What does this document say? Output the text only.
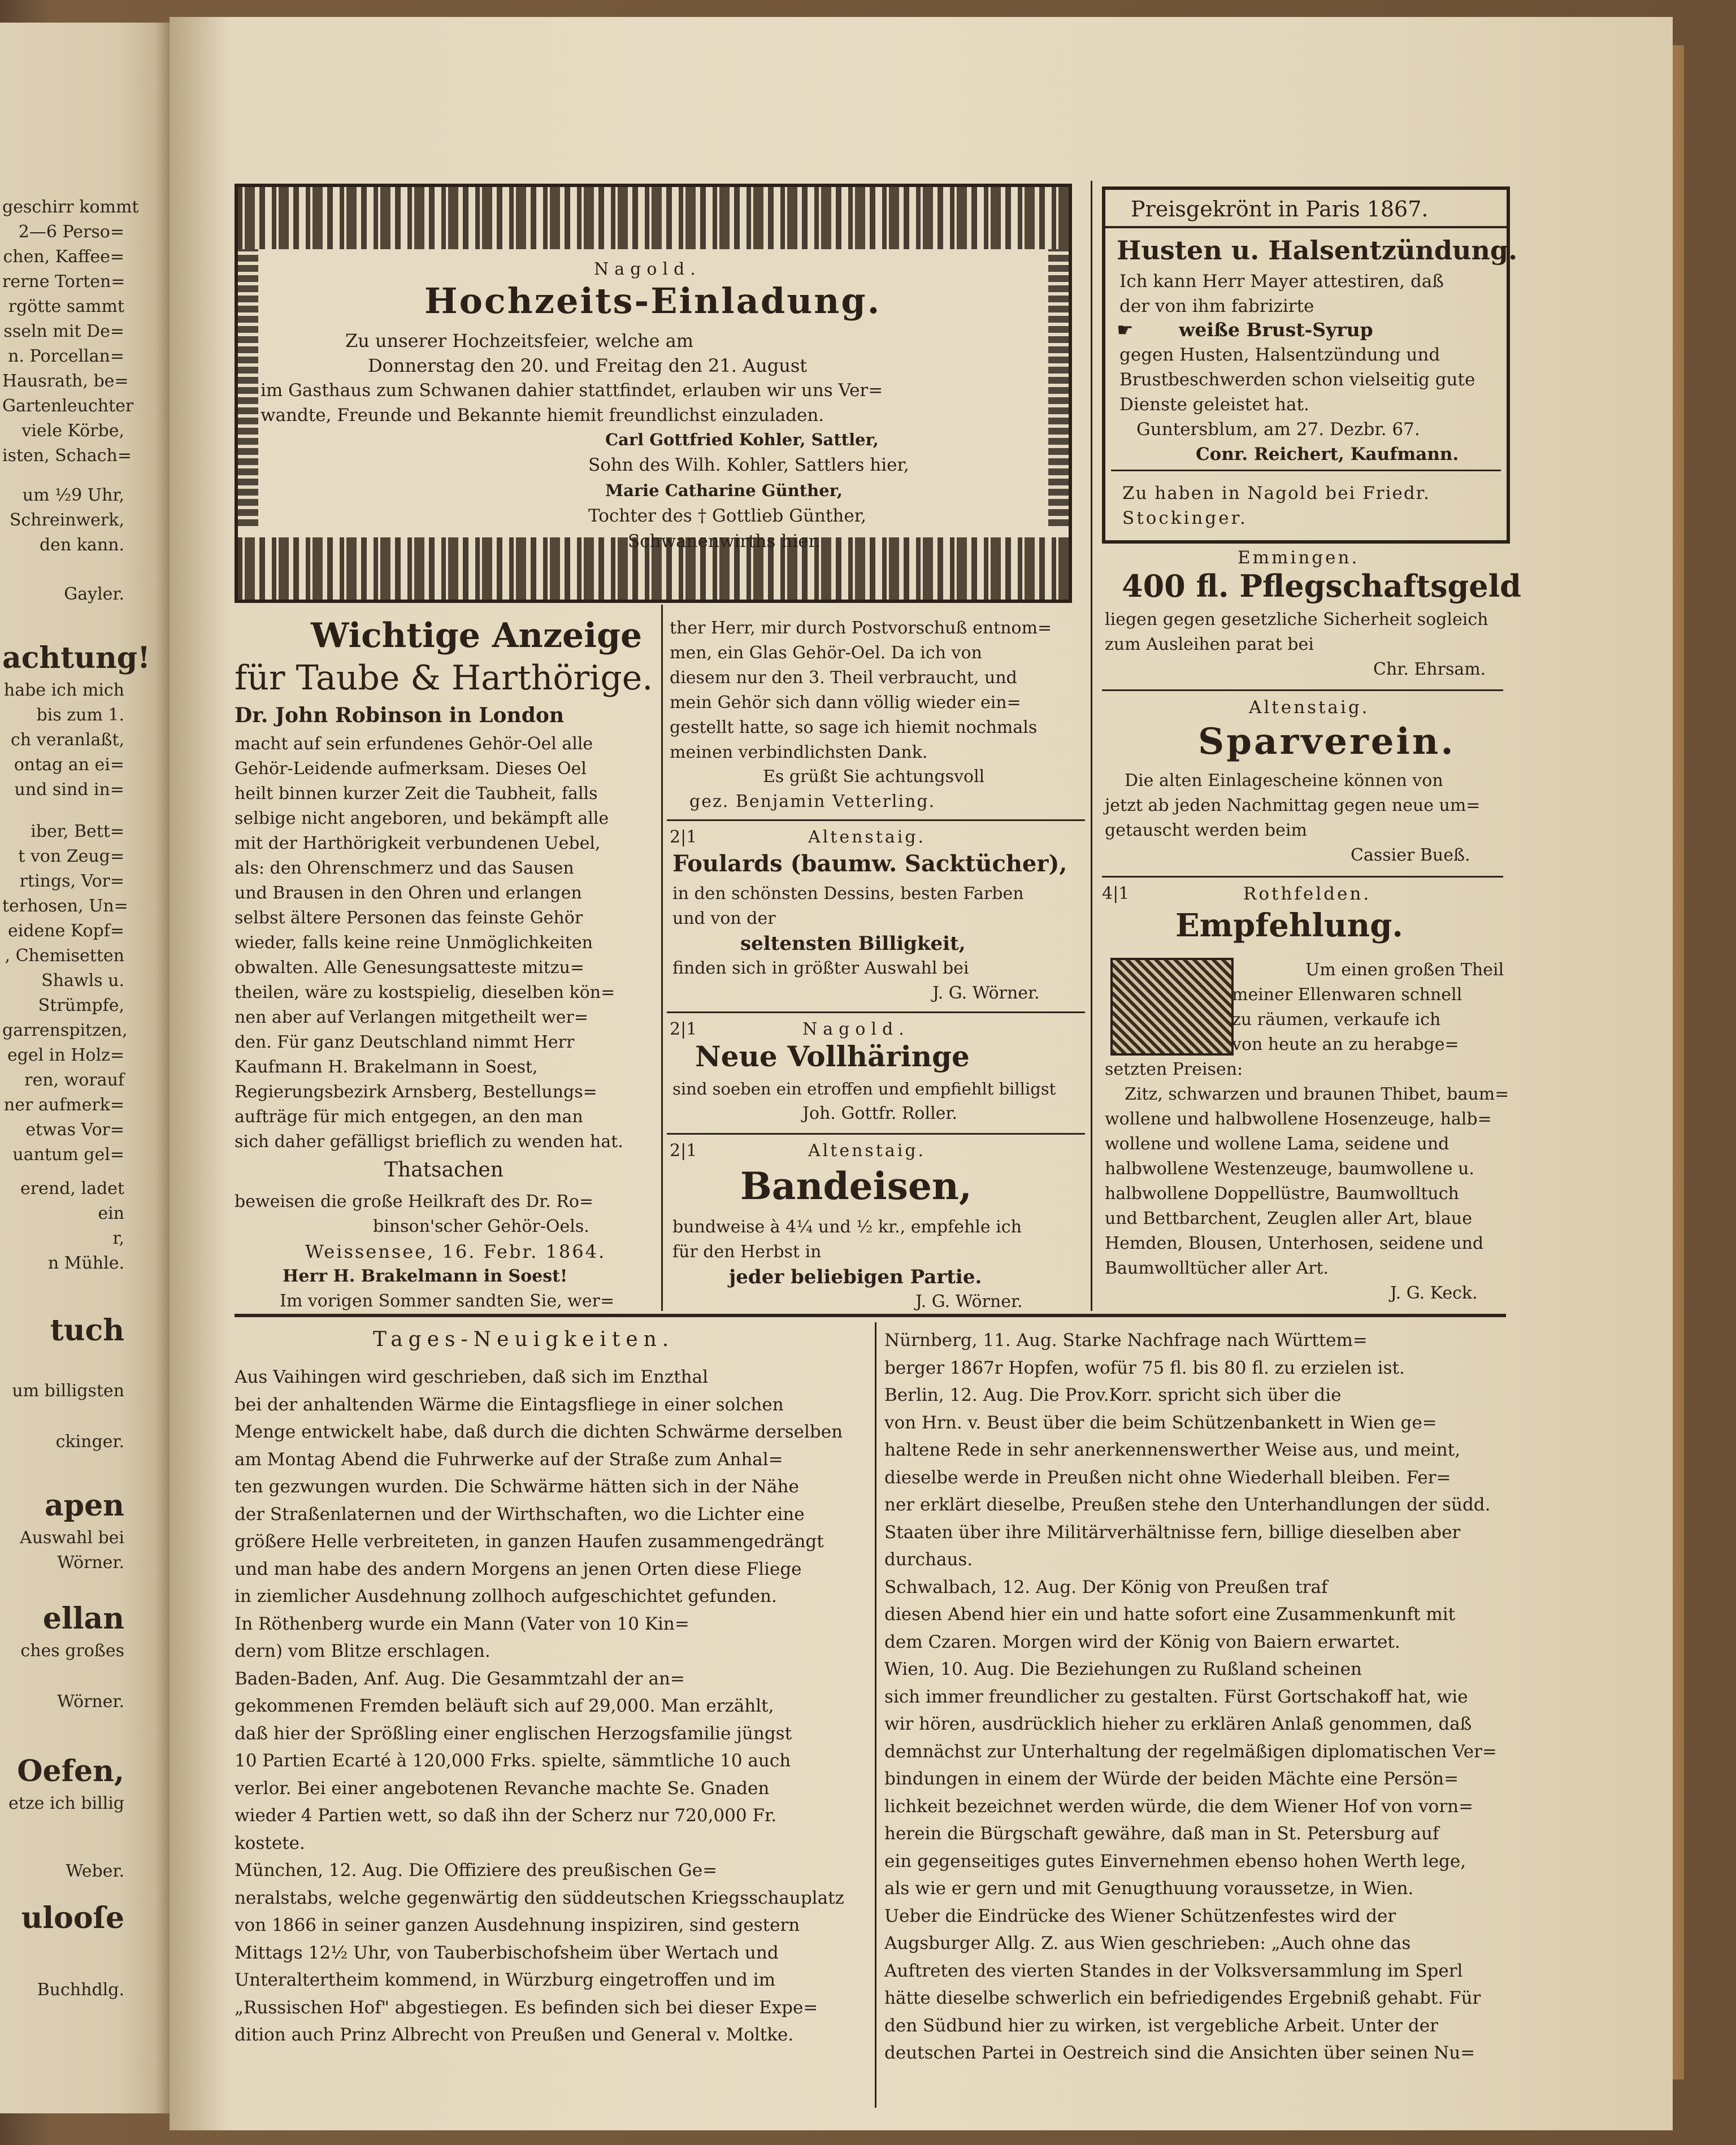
geschirr kommt
2—6 Perso=
chen, Kaffee=
rerne Torten=
rgötte sammt
sseln mit De=
n. Porcellan=
Hausrath, be=
Gartenleuchter
viele Körbe,
isten, Schach=
um ½9 Uhr,
Schreinwerk,
den kann.
Gayler.
achtung!
habe ich mich
bis zum 1.
ch veranlaßt,
ontag an ei=
und sind in=
iber, Bett=
t von Zeug=
rtings, Vor=
terhosen, Un=
eidene Kopf=
, Chemisetten
Shawls u.
Strümpfe,
garrenspitzen,
egel in Holz=
ren, worauf
ner aufmerk=
etwas Vor=
uantum gel=
erend, ladet
ein
r,
n Mühle.
tuch
um billigsten
ckinger.
apen
Auswahl bei
Wörner.
ellan
ches großes
Wörner.
Oefen,
etze ich billig
Weber.
ulooſe
Buchhdlg.
Nagold.
Hochzeits-Einladung.
Zu unserer Hochzeitsfeier, welche am
Donnerstag den 20. und Freitag den 21. August
im Gasthaus zum Schwanen dahier stattfindet, erlauben wir uns Ver=
wandte, Freunde und Bekannte hiemit freundlichst einzuladen.
Carl Gottfried Kohler, Sattler,
Sohn des Wilh. Kohler, Sattlers hier,
Marie Catharine Günther,
Tochter des † Gottlieb Günther,
Schwanenwirths hier.
Preisgekrönt in Paris 1867.
Husten u. Halsentzündung.
Ich kann Herr Mayer attestiren, daß
der von ihm fabrizirte
weiße Brust-Syrup
☛
gegen Husten, Halsentzündung und
Brustbeschwerden schon vielseitig gute
Dienste geleistet hat.
Guntersblum, am 27. Dezbr. 67.
Conr. Reichert, Kaufmann.
Zu haben in Nagold bei Friedr.
Stockinger.
Emmingen.
400 fl. Pflegschaftsgeld
liegen gegen gesetzliche Sicherheit sogleich
zum Ausleihen parat bei
Chr. Ehrsam.
Altenstaig.
Sparverein.
Die alten Einlagescheine können von
jetzt ab jeden Nachmittag gegen neue um=
getauscht werden beim
Cassier Bueß.
4|1	Rothfelden.
Empfehlung.
Um einen großen Theil
meiner Ellenwaren schnell
zu räumen, verkaufe ich
von heute an zu herabge=
setzten Preisen:
Zitz, schwarzen und braunen Thibet, baum=
wollene und halbwollene Hosenzeuge, halb=
wollene und wollene Lama, seidene und
halbwollene Westenzeuge, baumwollene u.
halbwollene Doppellüstre, Baumwolltuch
und Bettbarchent, Zeuglen aller Art, blaue
Hemden, Blousen, Unterhosen, seidene und
Baumwolltücher aller Art.
J. G. Keck.
Wichtige Anzeige
für Taube & Harthörige.
Dr. John Robinson in London
macht auf sein erfundenes Gehör-Oel alle
Gehör-Leidende aufmerksam. Dieses Oel
heilt binnen kurzer Zeit die Taubheit, falls
selbige nicht angeboren, und bekämpft alle
mit der Harthörigkeit verbundenen Uebel,
als: den Ohrenschmerz und das Sausen
und Brausen in den Ohren und erlangen
selbst ältere Personen das feinste Gehör
wieder, falls keine reine Unmöglichkeiten
obwalten. Alle Genesungsatteste mitzu=
theilen, wäre zu kostspielig, dieselben kön=
nen aber auf Verlangen mitgetheilt wer=
den. Für ganz Deutschland nimmt Herr
Kaufmann H. Brakelmann in Soest,
Regierungsbezirk Arnsberg, Bestellungs=
aufträge für mich entgegen, an den man
sich daher gefälligst brieflich zu wenden hat.
Thatsachen
beweisen die große Heilkraft des Dr. Ro=
binson'scher Gehör-Oels.
Weissensee, 16. Febr. 1864.
Herr H. Brakelmann in Soest!
Im vorigen Sommer sandten Sie, wer=
ther Herr, mir durch Postvorschuß entnom=
men, ein Glas Gehör-Oel. Da ich von
diesem nur den 3. Theil verbraucht, und
mein Gehör sich dann völlig wieder ein=
gestellt hatte, so sage ich hiemit nochmals
meinen verbindlichsten Dank.
Es grüßt Sie achtungsvoll
gez. Benjamin Vetterling.
2|1	Altenstaig.
Foulards (baumw. Sacktücher),
in den schönsten Dessins, besten Farben
und von der
seltensten Billigkeit,
finden sich in größter Auswahl bei
J. G. Wörner.
2|1	Nagold.
Neue Vollhäringe
sind soeben ein etroffen und empfiehlt billigst
Joh. Gottfr. Roller.
2|1	Altenstaig.
Bandeisen,
bundweise à 4¼ und ½ kr., empfehle ich
für den Herbst in
jeder beliebigen Partie.
J. G. Wörner.
Tages-Neuigkeiten.
Aus Vaihingen wird geschrieben, daß sich im Enzthal
bei der anhaltenden Wärme die Eintagsfliege in einer solchen
Menge entwickelt habe, daß durch die dichten Schwärme derselben
am Montag Abend die Fuhrwerke auf der Straße zum Anhal=
ten gezwungen wurden. Die Schwärme hätten sich in der Nähe
der Straßenlaternen und der Wirthschaften, wo die Lichter eine
größere Helle verbreiteten, in ganzen Haufen zusammengedrängt
und man habe des andern Morgens an jenen Orten diese Fliege
in ziemlicher Ausdehnung zollhoch aufgeschichtet gefunden.
In Röthenberg wurde ein Mann (Vater von 10 Kin=
dern) vom Blitze erschlagen.
Baden-Baden, Anf. Aug. Die Gesammtzahl der an=
gekommenen Fremden beläuft sich auf 29,000. Man erzählt,
daß hier der Sprößling einer englischen Herzogsfamilie jüngst
10 Partien Ecarté à 120,000 Frks. spielte, sämmtliche 10 auch
verlor. Bei einer angebotenen Revanche machte Se. Gnaden
wieder 4 Partien wett, so daß ihn der Scherz nur 720,000 Fr.
kostete.
München, 12. Aug. Die Offiziere des preußischen Ge=
neralstabs, welche gegenwärtig den süddeutschen Kriegsschauplatz
von 1866 in seiner ganzen Ausdehnung inspiziren, sind gestern
Mittags 12½ Uhr, von Tauberbischofsheim über Wertach und
Unteraltertheim kommend, in Würzburg eingetroffen und im
„Russischen Hof" abgestiegen. Es befinden sich bei dieser Expe=
dition auch Prinz Albrecht von Preußen und General v. Moltke.
Nürnberg, 11. Aug. Starke Nachfrage nach Württem=
berger 1867r Hopfen, wofür 75 fl. bis 80 fl. zu erzielen ist.
Berlin, 12. Aug. Die Prov.Korr. spricht sich über die
von Hrn. v. Beust über die beim Schützenbankett in Wien ge=
haltene Rede in sehr anerkennenswerther Weise aus, und meint,
dieselbe werde in Preußen nicht ohne Wiederhall bleiben. Fer=
ner erklärt dieselbe, Preußen stehe den Unterhandlungen der südd.
Staaten über ihre Militärverhältnisse fern, billige dieselben aber
durchaus.
Schwalbach, 12. Aug. Der König von Preußen traf
diesen Abend hier ein und hatte sofort eine Zusammenkunft mit
dem Czaren. Morgen wird der König von Baiern erwartet.
Wien, 10. Aug. Die Beziehungen zu Rußland scheinen
sich immer freundlicher zu gestalten. Fürst Gortschakoff hat, wie
wir hören, ausdrücklich hieher zu erklären Anlaß genommen, daß
demnächst zur Unterhaltung der regelmäßigen diplomatischen Ver=
bindungen in einem der Würde der beiden Mächte eine Persön=
lichkeit bezeichnet werden würde, die dem Wiener Hof von vorn=
herein die Bürgschaft gewähre, daß man in St. Petersburg auf
ein gegenseitiges gutes Einvernehmen ebenso hohen Werth lege,
als wie er gern und mit Genugthuung voraussetze, in Wien.
Ueber die Eindrücke des Wiener Schützenfestes wird der
Augsburger Allg. Z. aus Wien geschrieben: „Auch ohne das
Auftreten des vierten Standes in der Volksversammlung im Sperl
hätte dieselbe schwerlich ein befriedigendes Ergebniß gehabt. Für
den Südbund hier zu wirken, ist vergebliche Arbeit. Unter der
deutschen Partei in Oestreich sind die Ansichten über seinen Nu=
